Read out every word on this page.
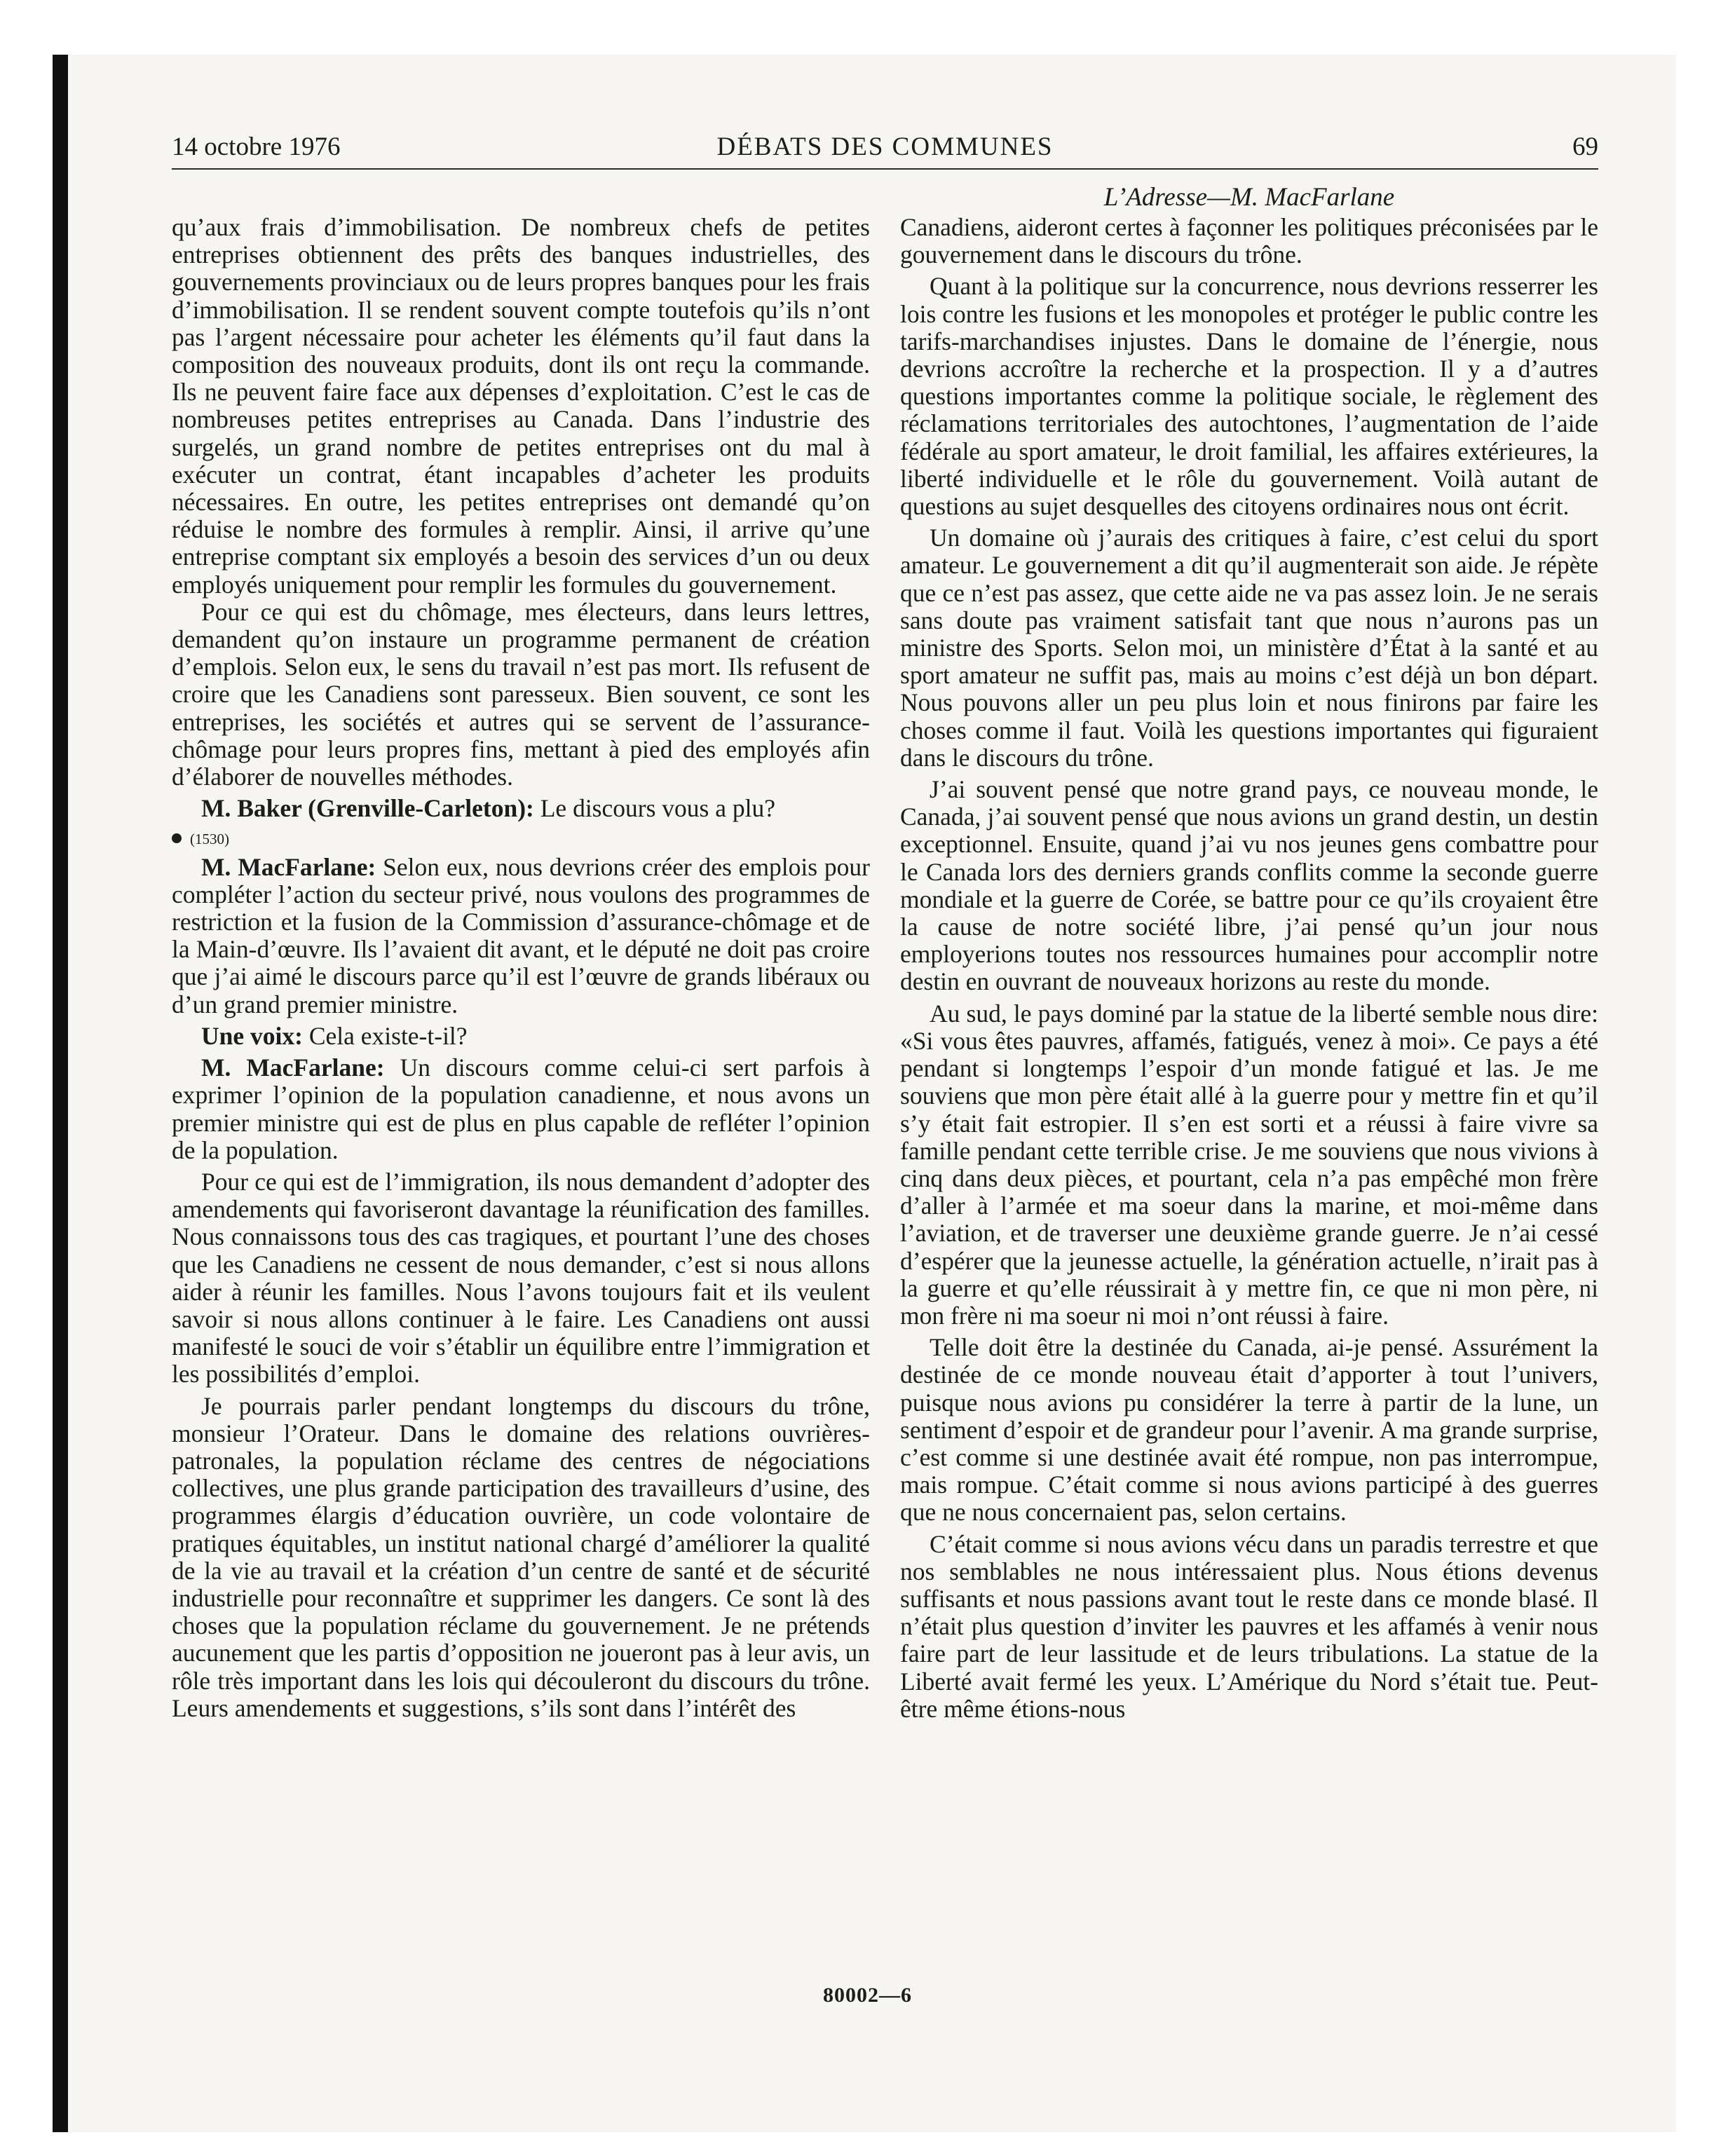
14 octobre 1976	DÉBATS DES COMMUNES	69
L’Adresse—M. MacFarlane

qu’aux frais d’immobilisation. De nombreux chefs de petites entreprises obtiennent des prêts des banques industrielles, des gouvernements provinciaux ou de leurs propres banques pour les frais d’immobilisation. Il se rendent souvent compte toutefois qu’ils n’ont pas l’argent nécessaire pour acheter les éléments qu’il faut dans la composition des nouveaux produits, dont ils ont reçu la commande. Ils ne peuvent faire face aux dépenses d’exploitation. C’est le cas de nombreuses petites entreprises au Canada. Dans l’industrie des surgelés, un grand nombre de petites entreprises ont du mal à exécuter un contrat, étant incapables d’acheter les produits nécessaires. En outre, les petites entreprises ont demandé qu’on réduise le nombre des formules à remplir. Ainsi, il arrive qu’une entreprise comptant six employés a besoin des services d’un ou deux employés uniquement pour remplir les formules du gouvernement.

Pour ce qui est du chômage, mes électeurs, dans leurs lettres, demandent qu’on instaure un programme permanent de création d’emplois. Selon eux, le sens du travail n’est pas mort. Ils refusent de croire que les Canadiens sont paresseux. Bien souvent, ce sont les entreprises, les sociétés et autres qui se servent de l’assurance-chômage pour leurs propres fins, mettant à pied des employés afin d’élaborer de nouvelles méthodes.

M. Baker (Grenville-Carleton): Le discours vous a plu?

(1530)

M. MacFarlane: Selon eux, nous devrions créer des emplois pour compléter l’action du secteur privé, nous voulons des programmes de restriction et la fusion de la Commission d’assurance-chômage et de la Main-d’œuvre. Ils l’avaient dit avant, et le député ne doit pas croire que j’ai aimé le discours parce qu’il est l’œuvre de grands libéraux ou d’un grand premier ministre.

Une voix: Cela existe-t-il?

M. MacFarlane: Un discours comme celui-ci sert parfois à exprimer l’opinion de la population canadienne, et nous avons un premier ministre qui est de plus en plus capable de refléter l’opinion de la population.

Pour ce qui est de l’immigration, ils nous demandent d’adopter des amendements qui favoriseront davantage la réunification des familles. Nous connaissons tous des cas tragiques, et pourtant l’une des choses que les Canadiens ne cessent de nous demander, c’est si nous allons aider à réunir les familles. Nous l’avons toujours fait et ils veulent savoir si nous allons continuer à le faire. Les Canadiens ont aussi manifesté le souci de voir s’établir un équilibre entre l’immigration et les possibilités d’emploi.

Je pourrais parler pendant longtemps du discours du trône, monsieur l’Orateur. Dans le domaine des relations ouvrières-patronales, la population réclame des centres de négociations collectives, une plus grande participation des travailleurs d’usine, des programmes élargis d’éducation ouvrière, un code volontaire de pratiques équitables, un institut national chargé d’améliorer la qualité de la vie au travail et la création d’un centre de santé et de sécurité industrielle pour reconnaître et supprimer les dangers. Ce sont là des choses que la population réclame du gouvernement. Je ne prétends aucunement que les partis d’opposition ne joueront pas à leur avis, un rôle très important dans les lois qui découleront du discours du trône. Leurs amendements et suggestions, s’ils sont dans l’intérêt des

Canadiens, aideront certes à façonner les politiques préconisées par le gouvernement dans le discours du trône.

Quant à la politique sur la concurrence, nous devrions resserrer les lois contre les fusions et les monopoles et protéger le public contre les tarifs-marchandises injustes. Dans le domaine de l’énergie, nous devrions accroître la recherche et la prospection. Il y a d’autres questions importantes comme la politique sociale, le règlement des réclamations territoriales des autochtones, l’augmentation de l’aide fédérale au sport amateur, le droit familial, les affaires extérieures, la liberté individuelle et le rôle du gouvernement. Voilà autant de questions au sujet desquelles des citoyens ordinaires nous ont écrit.

Un domaine où j’aurais des critiques à faire, c’est celui du sport amateur. Le gouvernement a dit qu’il augmenterait son aide. Je répète que ce n’est pas assez, que cette aide ne va pas assez loin. Je ne serais sans doute pas vraiment satisfait tant que nous n’aurons pas un ministre des Sports. Selon moi, un ministère d’État à la santé et au sport amateur ne suffit pas, mais au moins c’est déjà un bon départ. Nous pouvons aller un peu plus loin et nous finirons par faire les choses comme il faut. Voilà les questions importantes qui figuraient dans le discours du trône.

J’ai souvent pensé que notre grand pays, ce nouveau monde, le Canada, j’ai souvent pensé que nous avions un grand destin, un destin exceptionnel. Ensuite, quand j’ai vu nos jeunes gens combattre pour le Canada lors des derniers grands conflits comme la seconde guerre mondiale et la guerre de Corée, se battre pour ce qu’ils croyaient être la cause de notre société libre, j’ai pensé qu’un jour nous employerions toutes nos ressources humaines pour accomplir notre destin en ouvrant de nouveaux horizons au reste du monde.

Au sud, le pays dominé par la statue de la liberté semble nous dire: «Si vous êtes pauvres, affamés, fatigués, venez à moi». Ce pays a été pendant si longtemps l’espoir d’un monde fatigué et las. Je me souviens que mon père était allé à la guerre pour y mettre fin et qu’il s’y était fait estropier. Il s’en est sorti et a réussi à faire vivre sa famille pendant cette terrible crise. Je me souviens que nous vivions à cinq dans deux pièces, et pourtant, cela n’a pas empêché mon frère d’aller à l’armée et ma soeur dans la marine, et moi-même dans l’aviation, et de traverser une deuxième grande guerre. Je n’ai cessé d’espérer que la jeunesse actuelle, la génération actuelle, n’irait pas à la guerre et qu’elle réussirait à y mettre fin, ce que ni mon père, ni mon frère ni ma soeur ni moi n’ont réussi à faire.

Telle doit être la destinée du Canada, ai-je pensé. Assurément la destinée de ce monde nouveau était d’apporter à tout l’univers, puisque nous avions pu considérer la terre à partir de la lune, un sentiment d’espoir et de grandeur pour l’avenir. A ma grande surprise, c’est comme si une destinée avait été rompue, non pas interrompue, mais rompue. C’était comme si nous avions participé à des guerres que ne nous concernaient pas, selon certains.

C’était comme si nous avions vécu dans un paradis terrestre et que nos semblables ne nous intéressaient plus. Nous étions devenus suffisants et nous passions avant tout le reste dans ce monde blasé. Il n’était plus question d’inviter les pauvres et les affamés à venir nous faire part de leur lassitude et de leurs tribulations. La statue de la Liberté avait fermé les yeux. L’Amérique du Nord s’était tue. Peut-être même étions-nous

80002—6
